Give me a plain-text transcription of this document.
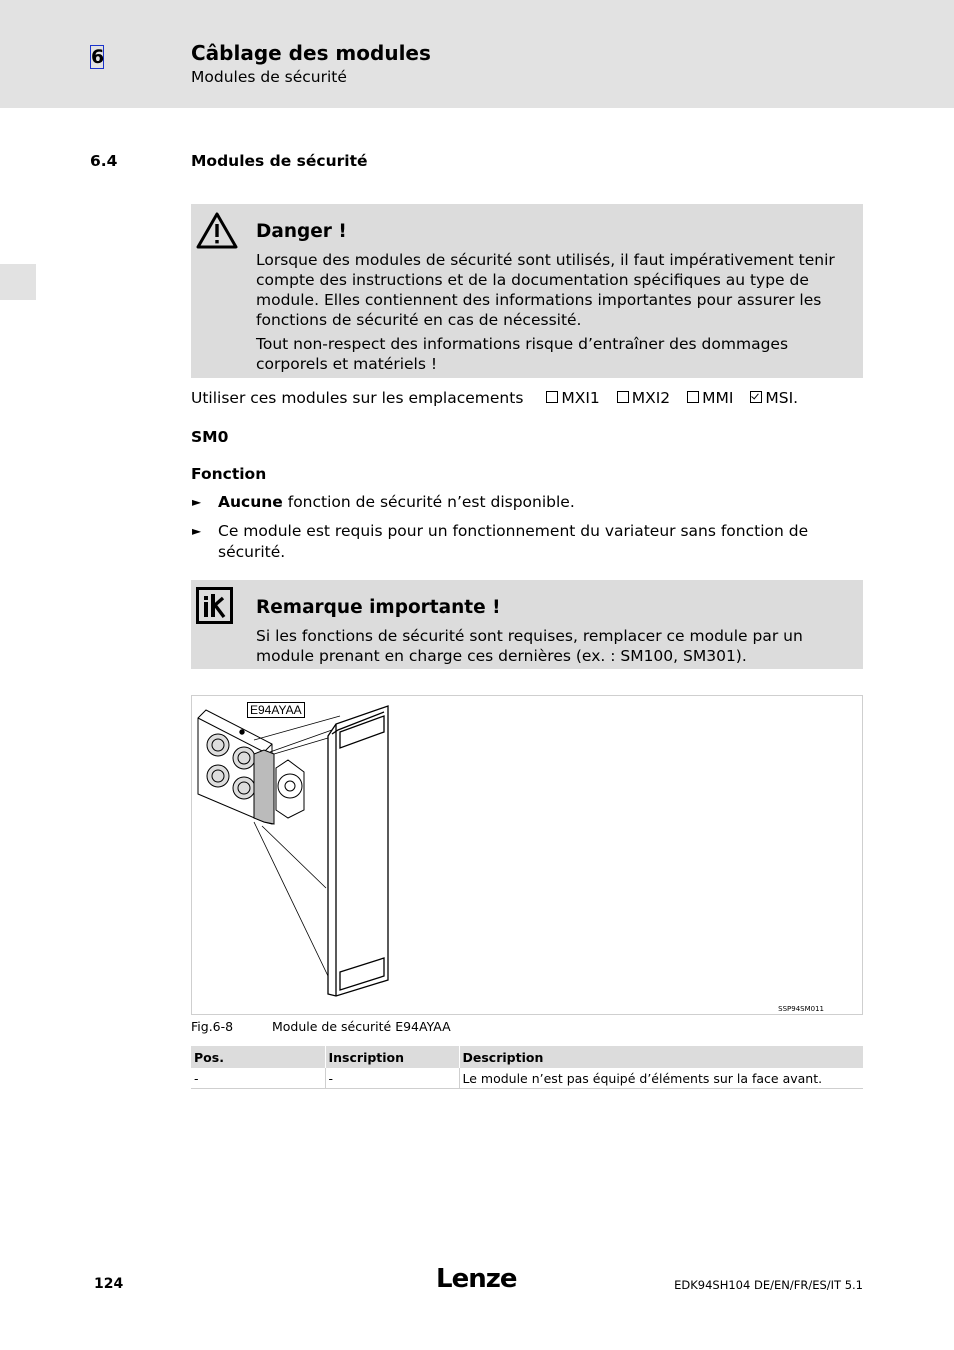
6	Câblage des modules
Modules de sécurité
6.4	Modules de sécurité
Danger !
Lorsque des modules de sécurité sont utilisés, il faut impérativement tenir compte des instructions et de la documentation spécifiques au type de module. Elles contiennent des informations importantes pour assurer les fonctions de sécurité en cas de nécessité.
Tout non-respect des informations risque d’entraîner des dommages corporels et matériels !
Utiliser ces modules sur les emplacements MXI1 MXI2 MMI MSI.
SM0
Fonction
► Aucune fonction de sécurité n’est disponible.
► Ce module est requis pour un fonctionnement du variateur sans fonction de sécurité.
Remarque importante !
Si les fonctions de sécurité sont requises, remplacer ce module par un module prenant en charge ces dernières (ex. : SM100, SM301).
SSP94SM011
E94AYAA
Fig.6-8	Module de sécurité E94AYAA
Pos.	Inscription	Description
-	-	Le module n’est pas équipé d’éléments sur la face avant.
124	Lenze	EDK94SH104 DE/EN/FR/ES/IT 5.1
